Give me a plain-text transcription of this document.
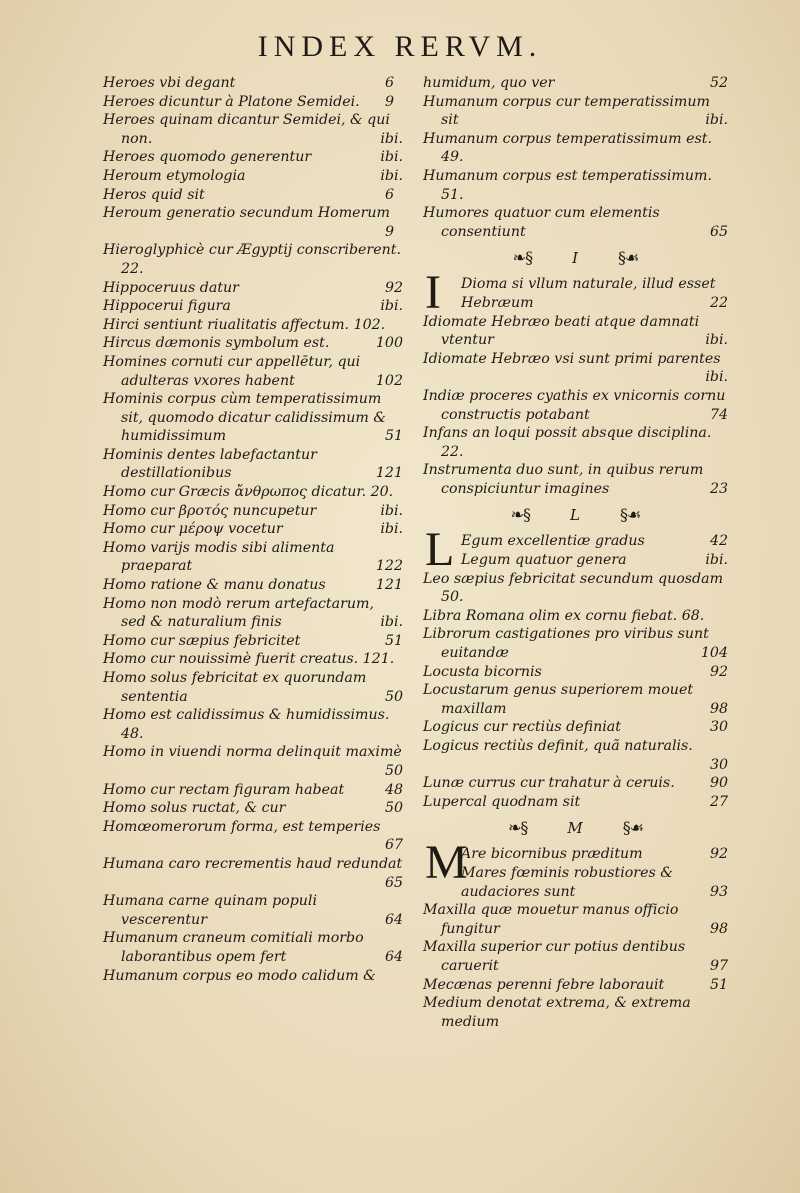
INDEX RERVM.

Heroes vbi degant	6

Heroes dicuntur à Platone Semidei. 9

Heroes quinam dicantur Semidei, & qui non.	ibi.

Heroes quomodo generentur	ibi.

Heroum etymologia	ibi.

Heros quid sit	6

Heroum generatio secundum Homerum
9

Hieroglyphicè cur Ægyptij conscriberent. 22.

Hippoceruus datur	92

Hippocerui figura	ibi.

Hirci sentiunt riualitatis affectum. 102.

Hircus dæmonis symbolum est.	100

Homines cornuti cur appellētur, qui adulteras vxores habent	102

Hominis corpus cùm temperatissimum sit, quomodo dicatur calidissimum & humidissimum	51

Hominis dentes labefactantur destillationibus	121

Homo cur Græcis ἄνθρωπος dicatur. 20.

Homo cur βροτός nuncupetur	ibi.

Homo cur μέροψ vocetur	ibi.

Homo varijs modis sibi alimenta praeparat	122

Homo ratione & manu donatus	121

Homo non modò rerum artefactarum, sed & naturalium finis	ibi.

Homo cur sæpius febricitet	51

Homo cur nouissimè fuerit creatus. 121.

Homo solus febricitat ex quorundam sententia	50

Homo est calidissimus & humidissimus. 48.

Homo in viuendi norma delinquit maximè
50

Homo cur rectam figuram habeat	48

Homo solus ructat, & cur	50

Homœomerorum forma, est temperies
67

Humana caro recrementis haud redundat
65

Humana carne quinam populi vescerentur	64

Humanum craneum comitiali morbo laborantibus opem fert	64

Humanum corpus eo modo calidum &

humidum, quo ver	52

Humanum corpus cur temperatissimum sit	ibi.

Humanum corpus temperatissimum est. 49.

Humanum corpus est temperatissimum. 51.

Humores quatuor cum elementis consentiunt	65

❧§	I	§☙
I Dioma si vllum naturale, illud esset Hebræum	22

Idiomate Hebræo beati atque damnati vtentur	ibi.

Idiomate Hebræo vsi sunt primi parentes
ibi.

Indiæ proceres cyathis ex vnicornis cornu constructis potabant	74

Infans an loqui possit absque disciplina. 22.

Instrumenta duo sunt, in quibus rerum conspiciuntur imagines	23

❧§	L	§☙
L Egum excellentiæ gradus	42
Legum quatuor genera	ibi.

Leo sæpius febricitat secundum quosdam 50.

Libra Romana olim ex cornu fiebat. 68.

Librorum castigationes pro viribus sunt euitandæ	104

Locusta bicornis	92

Locustarum genus superiorem mouet maxillam	98

Logicus cur rectiùs definiat	30

Logicus rectiùs definit, quã naturalis.
30

Lunæ currus cur trahatur à ceruis. 90

Lupercal quodnam sit	27

❧§	M	§☙
M
Are bicornibus præditum	92
Mares fœminis robustiores & audaciores sunt	93

Maxilla quæ mouetur manus officio fungitur	98

Maxilla superior cur potius dentibus caruerit	97

Mecænas perenni febre laborauit	51

Medium denotat extrema, & extrema medium
